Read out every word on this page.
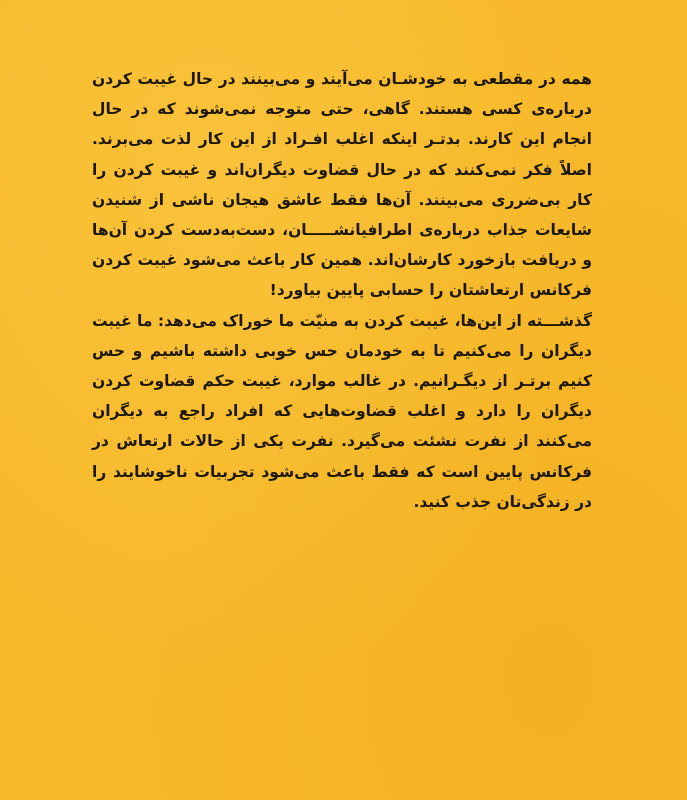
همه در مقطعی به خودشـان می‌آیند و می‌بینند در حال غیبت کردن درباره‌ی کسی هستند. گاهی، حتی متوجه نمی‌شوند که در حال انجام این کارند. بدتـر اینکه اغلب افـراد از این کار لذت می‌برند. اصلاً فکر نمی‌کنند که در حال قضاوت دیگران‌اند و غیبت کردن را کار بی‌ضرری می‌بینند. آن‌ها فقط عاشق هیجان ناشی از شنیدن شایعات جذاب درباره‌ی اطرافیانشـــــان، دست‌به‌دست کردن آن‌ها و دریافت بازخورد کارشان‌اند. همین کار باعث می‌شود غیبت کردن فرکانس ارتعاشتان را حسابی پایین بیاورد!

گذشـــته از این‌ها، غیبت کردن به منیّت ما خوراک می‌دهد: ما غیبت دیگران را می‌کنیم تا به خودمان حس خوبی داشته باشیم و حس کنیم برتـر از دیگـرانیم. در غالب موارد، غیبت حکم قضاوت کردن دیگران را دارد و اغلب قضاوت‌هایی که افراد راجع به دیگران می‌کنند از نفرت نشئت می‌گیرد. نفرت یکی از حالات ارتعاش در فرکانس پایین است که فقط باعث می‌شود تجربیات ناخوشایند را در زندگی‌تان جذب کنید.
